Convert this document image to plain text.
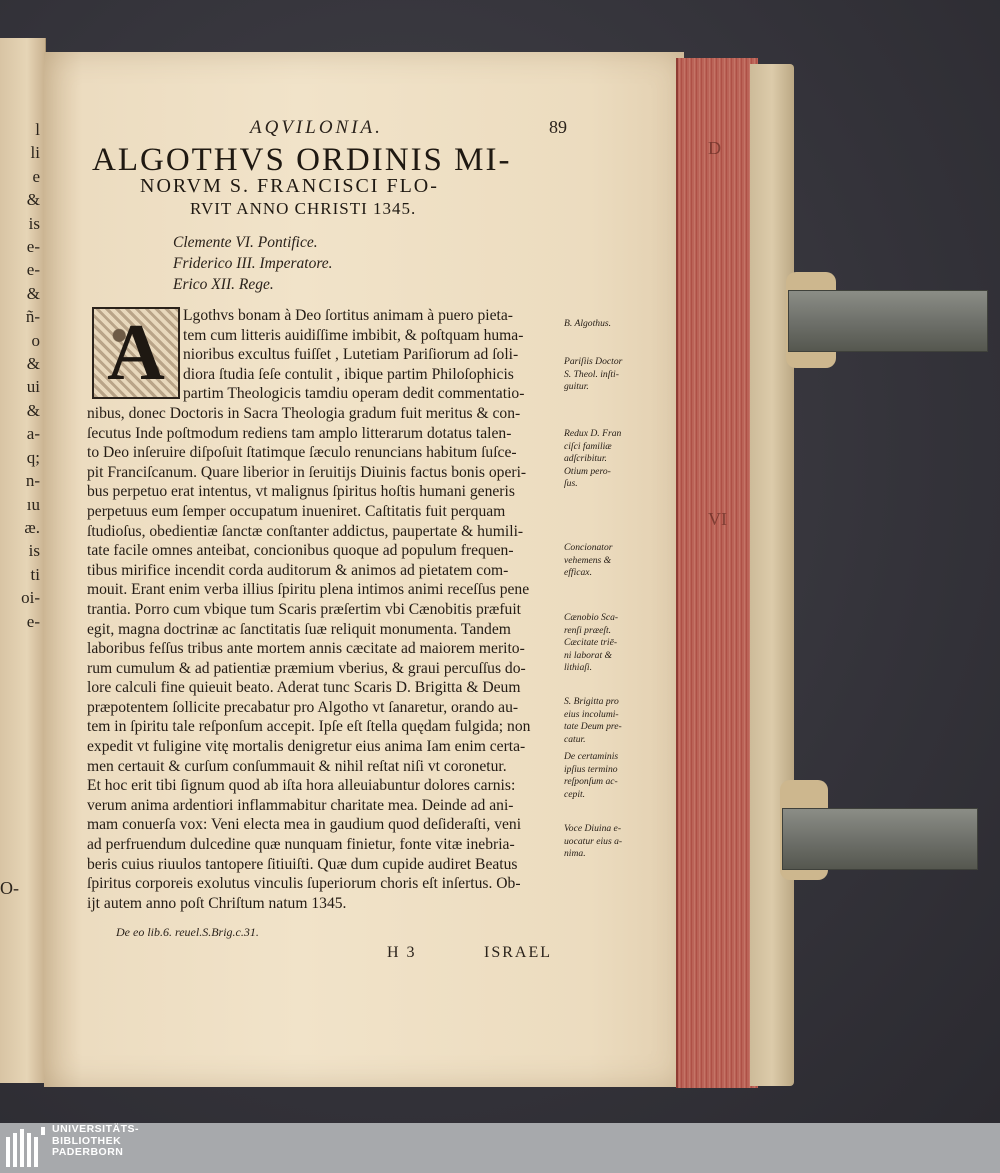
l
li
e
&
is
e-
e-
&
ñ-
o
&
ui
&
a-
q;
n-
ıu
æ.
is
ti
oi-
e-
O-
D
VI
AQVILONIA.	89
ALGOTHVS ORDINIS MI-
NORVM S. FRANCISCI FLO-
RVIT ANNO CHRISTI 1345.
Clemente VI. Pontifice.
Friderico III. Imperatore.
Erico XII. Rege.
A	Lgothvs bonam à Deo ſortitus animam à puero pieta-
tem cum litteris auidiſſime imbibit, & poſtquam huma-
nioribus excultus fuiſſet , Lutetiam Pariſiorum ad ſoli-
diora ſtudia ſeſe contulit , ibique partim Philoſophicis
partim Theologicis tamdiu operam dedit commentatio-
nibus, donec Doctoris in Sacra Theologia gradum fuit meritus & con-
ſecutus Inde poſtmodum rediens tam amplo litterarum dotatus talen-
to Deo inſeruire diſpoſuit ſtatimque ſæculo renuncians habitum ſuſce-
pit Franciſcanum. Quare liberior in ſeruitijs Diuinis factus bonis operi-
bus perpetuo erat intentus, vt malignus ſpiritus hoſtis humani generis
perpetuus eum ſemper occupatum inueniret. Caſtitatis fuit perquam
ſtudioſus, obedientiæ ſanctæ conſtanter addictus, paupertate & humili-
tate facile omnes anteibat, concionibus quoque ad populum frequen-
tibus mirifice incendit corda auditorum & animos ad pietatem com-
mouit. Erant enim verba illius ſpiritu plena intimos animi receſſus pene
trantia. Porro cum vbique tum Scaris præſertim vbi Cænobitis præfuit
egit, magna doctrinæ ac ſanctitatis ſuæ reliquit monumenta. Tandem
laboribus feſſus tribus ante mortem annis cæcitate ad maiorem merito-
rum cumulum & ad patientiæ præmium vberius, & graui percuſſus do-
lore calculi fine quieuit beato. Aderat tunc Scaris D. Brigitta & Deum
præpotentem ſollicite precabatur pro Algotho vt ſanaretur, orando au-
tem in ſpiritu tale reſponſum accepit. Ipſe eſt ſtella quędam fulgida; non
expedit vt fuligine vitę mortalis denigretur eius anima Iam enim certa-
men certauit & curſum conſummauit & nihil reſtat niſi vt coronetur.
Et hoc erit tibi ſignum quod ab iſta hora alleuiabuntur dolores carnis:
verum anima ardentiori inflammabitur charitate mea. Deinde ad ani-
mam conuerſa vox: Veni electa mea in gaudium quod deſideraſti, veni
ad perfruendum dulcedine quæ nunquam finietur, fonte vitæ inebria-
beris cuius riuulos tantopere ſitiuiſti. Quæ dum cupide audiret Beatus
ſpiritus corporeis exolutus vinculis ſuperiorum choris eſt inſertus. Ob-
ijt autem anno poſt Chriſtum natum 1345.
B. Algothus.
Pariſiis Doctor
S. Theol. inſti-
guitur.
Redux D. Fran
ciſci familiæ
adſcribitur.
Otium pero-
ſus.
Concionator
vehemens &
efficax.
Cænobio Sca-
renſi præeſt.
Cæcitate triē-
ni laborat &
lithiaſi.
S. Brigitta pro
eius incolumi-
tate Deum pre-
catur.
De certaminis
ipſius termino
reſponſum ac-
cepit.
Voce Diuina e-
uocatur eius a-
nima.
De eo lib.6. reuel.S.Brig.c.31.
H 3	ISRAEL
UNIVERSITÄTS-
BIBLIOTHEK
PADERBORN
